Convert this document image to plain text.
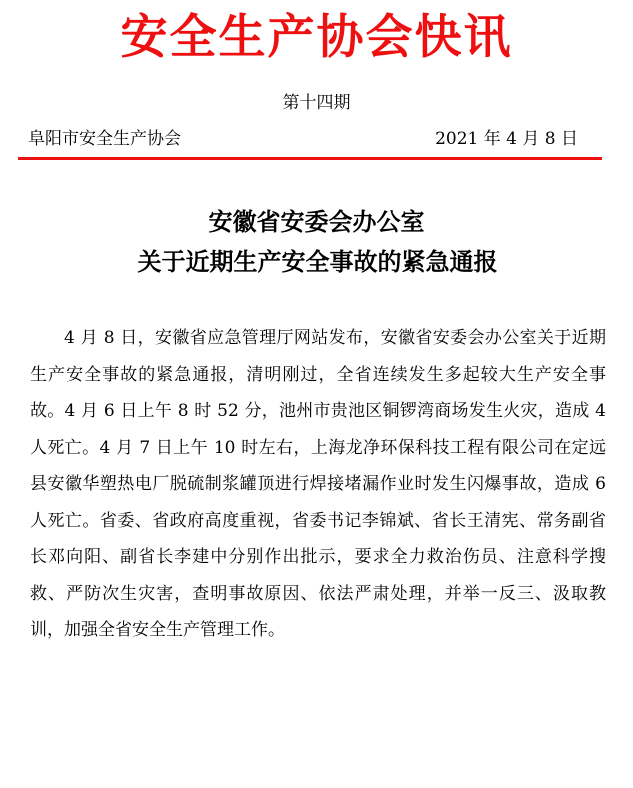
安全生产协会快讯
第十四期
阜阳市安全生产协会	2021 年 4 月 8 日
安徽省安委会办公室
关于近期生产安全事故的紧急通报

4 月 8 日，安徽省应急管理厅网站发布，安徽省安委会办公室关于近期生产安全事故的紧急通报，清明刚过，全省连续发生多起较大生产安全事故。4 月 6 日上午 8 时 52 分，池州市贵池区铜锣湾商场发生火灾，造成 4 人死亡。4 月 7 日上午 10 时左右，上海龙净环保科技工程有限公司在定远县安徽华塑热电厂脱硫制浆罐顶进行焊接堵漏作业时发生闪爆事故，造成 6 人死亡。省委、省政府高度重视，省委书记李锦斌、省长王清宪、常务副省长邓向阳、副省长李建中分别作出批示，要求全力救治伤员、注意科学搜救、严防次生灾害，查明事故原因、依法严肃处理，并举一反三、汲取教训，加强全省安全生产管理工作。
